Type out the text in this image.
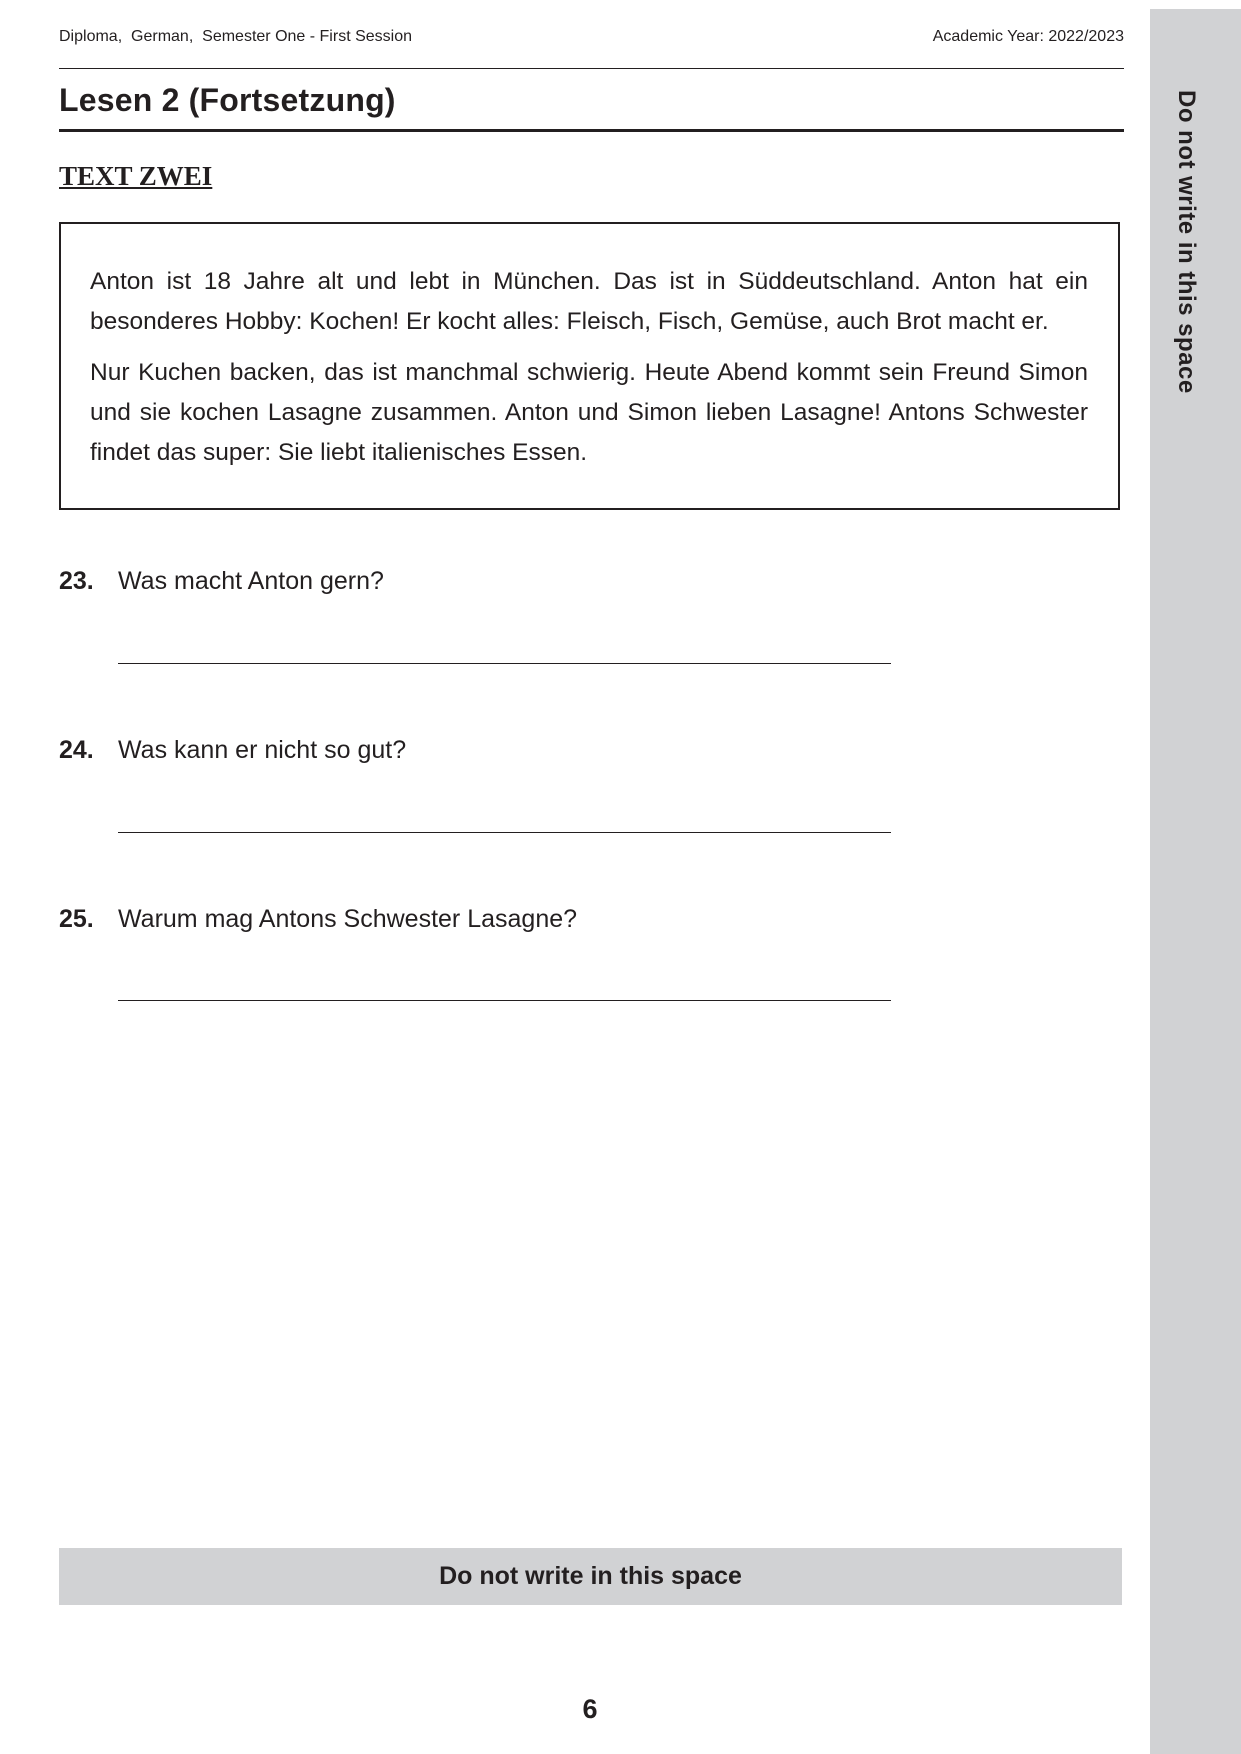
Diploma,  German,  Semester One - First Session	Academic Year: 2022/2023
Lesen 2 (Fortsetzung)
TEXT ZWEI

Anton ist 18 Jahre alt und lebt in München. Das ist in Süddeutschland. Anton hat ein besonderes Hobby: Kochen! Er kocht alles: Fleisch, Fisch, Gemüse, auch Brot macht er.

Nur Kuchen backen, das ist manchmal schwierig. Heute Abend kommt sein Freund Simon und sie kochen Lasagne zusammen. Anton und Simon lieben Lasagne! Antons Schwester findet das super: Sie liebt italienisches Essen.

23. Was macht Anton gern?
24. Was kann er nicht so gut?
25. Warum mag Antons Schwester Lasagne?
Do not write in this space
Do not write in this space
6
